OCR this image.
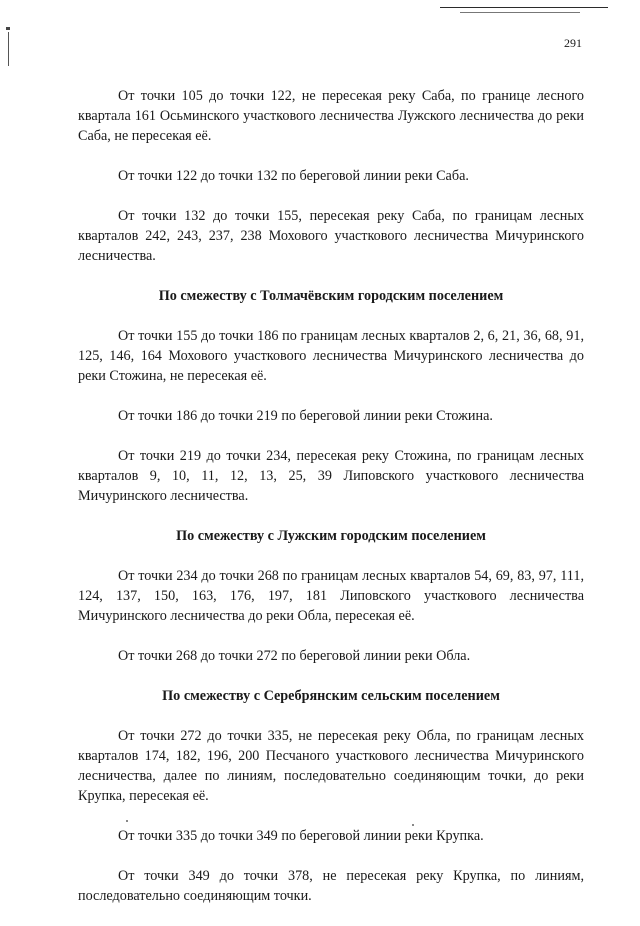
291

От точки 105 до точки 122, не пересекая реку Саба, по границе лесного квартала 161 Осьминского участкового лесничества Лужского лесничества до реки Саба, не пересекая её.

От точки 122 до точки 132 по береговой линии реки Саба.

От точки 132 до точки 155, пересекая реку Саба, по границам лесных кварталов 242, 243, 237, 238 Мохового участкового лесничества Мичуринского лесничества.

По смежеству с Толмачёвским городским поселением

От точки 155 до точки 186 по границам лесных кварталов 2, 6, 21, 36, 68, 91, 125, 146, 164 Мохового участкового лесничества Мичуринского лесничества до реки Стожина, не пересекая её.

От точки 186 до точки 219 по береговой линии реки Стожина.

От точки 219 до точки 234, пересекая реку Стожина, по границам лесных кварталов 9, 10, 11, 12, 13, 25, 39 Липовского участкового лесничества Мичуринского лесничества.

По смежеству с Лужским городским поселением

От точки 234 до точки 268 по границам лесных кварталов 54, 69, 83, 97, 111, 124, 137, 150, 163, 176, 197, 181 Липовского участкового лесничества Мичуринского лесничества до реки Обла, пересекая её.

От точки 268 до точки 272 по береговой линии реки Обла.

По смежеству с Серебрянским сельским поселением

От точки 272 до точки 335, не пересекая реку Обла, по границам лесных кварталов 174, 182, 196, 200 Песчаного участкового лесничества Мичуринского лесничества, далее по линиям, последовательно соединяющим точки, до реки Крупка, пересекая её.

От точки 335 до точки 349 по береговой линии реки Крупка.

От точки 349 до точки 378, не пересекая реку Крупка, по линиям, последовательно соединяющим точки.
